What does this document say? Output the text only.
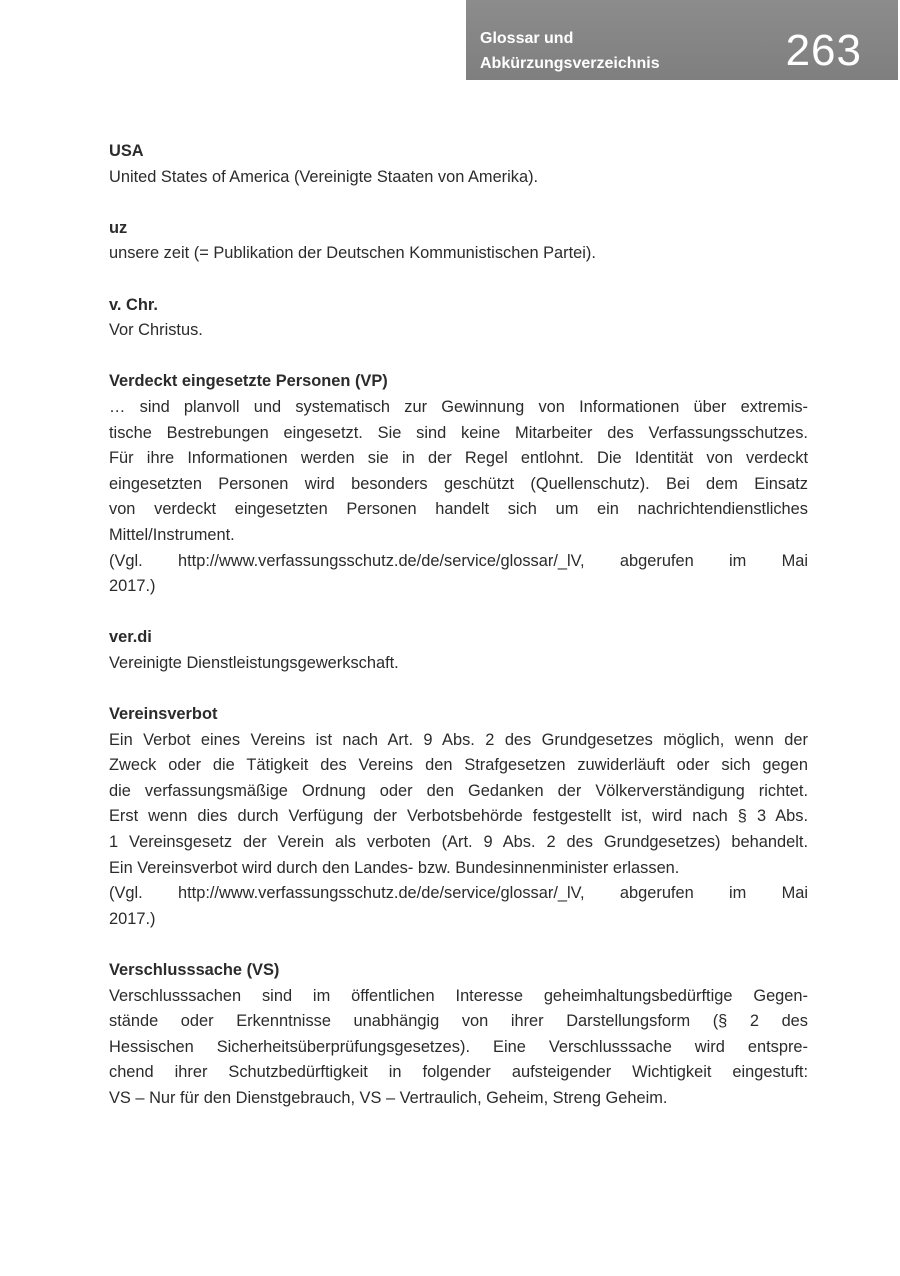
Glossar und
Abkürzungsverzeichnis	263
USA
United States of America (Vereinigte Staaten von Amerika).
uz
unsere zeit (= Publikation der Deutschen Kommunistischen Partei).
v. Chr.
Vor Christus.
Verdeckt eingesetzte Personen (VP)
… sind planvoll und systematisch zur Gewinnung von Informationen über extremis-
tische Bestrebungen eingesetzt. Sie sind keine Mitarbeiter des Verfassungsschutzes.
Für ihre Informationen werden sie in der Regel entlohnt. Die Identität von verdeckt
eingesetzten Personen wird besonders geschützt (Quellenschutz). Bei dem Einsatz
von verdeckt eingesetzten Personen handelt sich um ein nachrichtendienstliches
Mittel/Instrument.
(Vgl. http://www.verfassungsschutz.de/de/service/glossar/_lV, abgerufen im Mai
2017.)
ver.di
Vereinigte Dienstleistungsgewerkschaft.
Vereinsverbot
Ein Verbot eines Vereins ist nach Art. 9 Abs. 2 des Grundgesetzes möglich, wenn der
Zweck oder die Tätigkeit des Vereins den Strafgesetzen zuwiderläuft oder sich gegen
die verfassungsmäßige Ordnung oder den Gedanken der Völkerverständigung richtet.
Erst wenn dies durch Verfügung der Verbotsbehörde festgestellt ist, wird nach § 3 Abs.
1 Vereinsgesetz der Verein als verboten (Art. 9 Abs. 2 des Grundgesetzes) behandelt.
Ein Vereinsverbot wird durch den Landes- bzw. Bundesinnenminister erlassen.
(Vgl. http://www.verfassungsschutz.de/de/service/glossar/_lV, abgerufen im Mai
2017.)
Verschlusssache (VS)
Verschlusssachen sind im öffentlichen Interesse geheimhaltungsbedürftige Gegen-
stände oder Erkenntnisse unabhängig von ihrer Darstellungsform (§ 2 des
Hessischen Sicherheitsüberprüfungsgesetzes). Eine Verschlusssache wird entspre-
chend ihrer Schutzbedürftigkeit in folgender aufsteigender Wichtigkeit eingestuft:
VS – Nur für den Dienstgebrauch, VS – Vertraulich, Geheim, Streng Geheim.
